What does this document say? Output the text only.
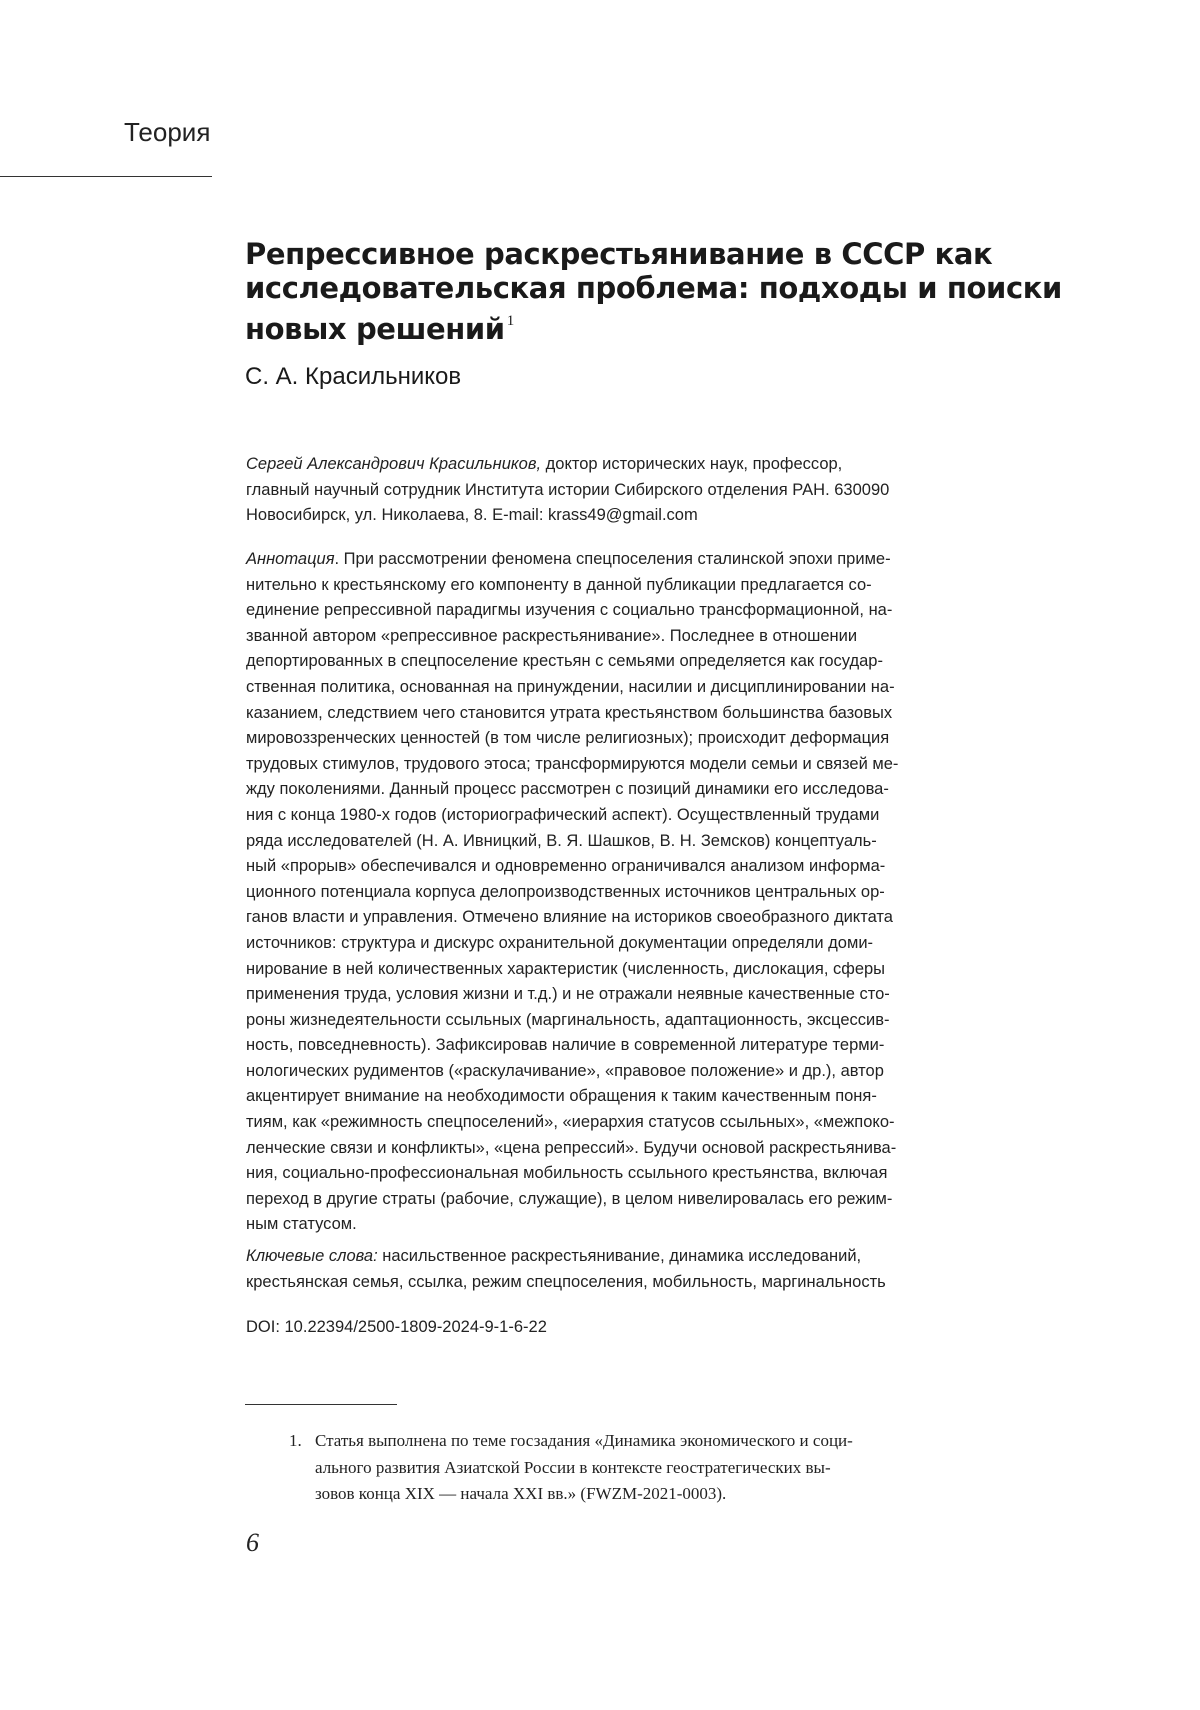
Теория
Репрессивное раскрестьянивание в СССР как
исследовательская проблема: подходы и поиски
новых решений $^1$
С. А. Красильников
Сергей Александрович Красильников, доктор исторических наук, профессор,
главный научный сотрудник Института истории Сибирского отделения РАН. 630090
Новосибирск, ул. Николаева, 8. E-mail: krass49@gmail.com
Аннотация. При рассмотрении феномена спецпоселения сталинской эпохи приме-
нительно к крестьянскому его компоненту в данной публикации предлагается со-
единение репрессивной парадигмы изучения с социально трансформационной, на-
званной автором «репрессивное раскрестьянивание». Последнее в отношении
депортированных в спецпоселение крестьян с семьями определяется как государ-
ственная политика, основанная на принуждении, насилии и дисциплинировании на-
казанием, следствием чего становится утрата крестьянством большинства базовых
мировоззренческих ценностей (в том числе религиозных); происходит деформация
трудовых стимулов, трудового этоса; трансформируются модели семьи и связей ме-
жду поколениями. Данный процесс рассмотрен с позиций динамики его исследова-
ния с конца 1980-х годов (историографический аспект). Осуществленный трудами
ряда исследователей (Н. А. Ивницкий, В. Я. Шашков, В. Н. Земсков) концептуаль-
ный «прорыв» обеспечивался и одновременно ограничивался анализом информа-
ционного потенциала корпуса делопроизводственных источников центральных ор-
ганов власти и управления. Отмечено влияние на историков своеобразного диктата
источников: структура и дискурс охранительной документации определяли доми-
нирование в ней количественных характеристик (численность, дислокация, сферы
применения труда, условия жизни и т.д.) и не отражали неявные качественные сто-
роны жизнедеятельности ссыльных (маргинальность, адаптационность, эксцессив-
ность, повседневность). Зафиксировав наличие в современной литературе терми-
нологических рудиментов («раскулачивание», «правовое положение» и др.), автор
акцентирует внимание на необходимости обращения к таким качественным поня-
тиям, как «режимность спецпоселений», «иерархия статусов ссыльных», «межпоко-
ленческие связи и конфликты», «цена репрессий». Будучи основой раскрестьянива-
ния, социально-профессиональная мобильность ссыльного крестьянства, включая
переход в другие страты (рабочие, служащие), в целом нивелировалась его режим-
ным статусом.
Ключевые слова: насильственное раскрестьянивание, динамика исследований,
крестьянская семья, ссылка, режим спецпоселения, мобильность, маргинальность
DOI: 10.22394/2500-1809-2024-9-1-6-22
1. Статья выполнена по теме госзадания «Динамика экономического и соци-
ального развития Азиатской России в контексте геостратегических вы-
зовов конца XIX — начала XXI вв.» (FWZM-2021-0003).
6
